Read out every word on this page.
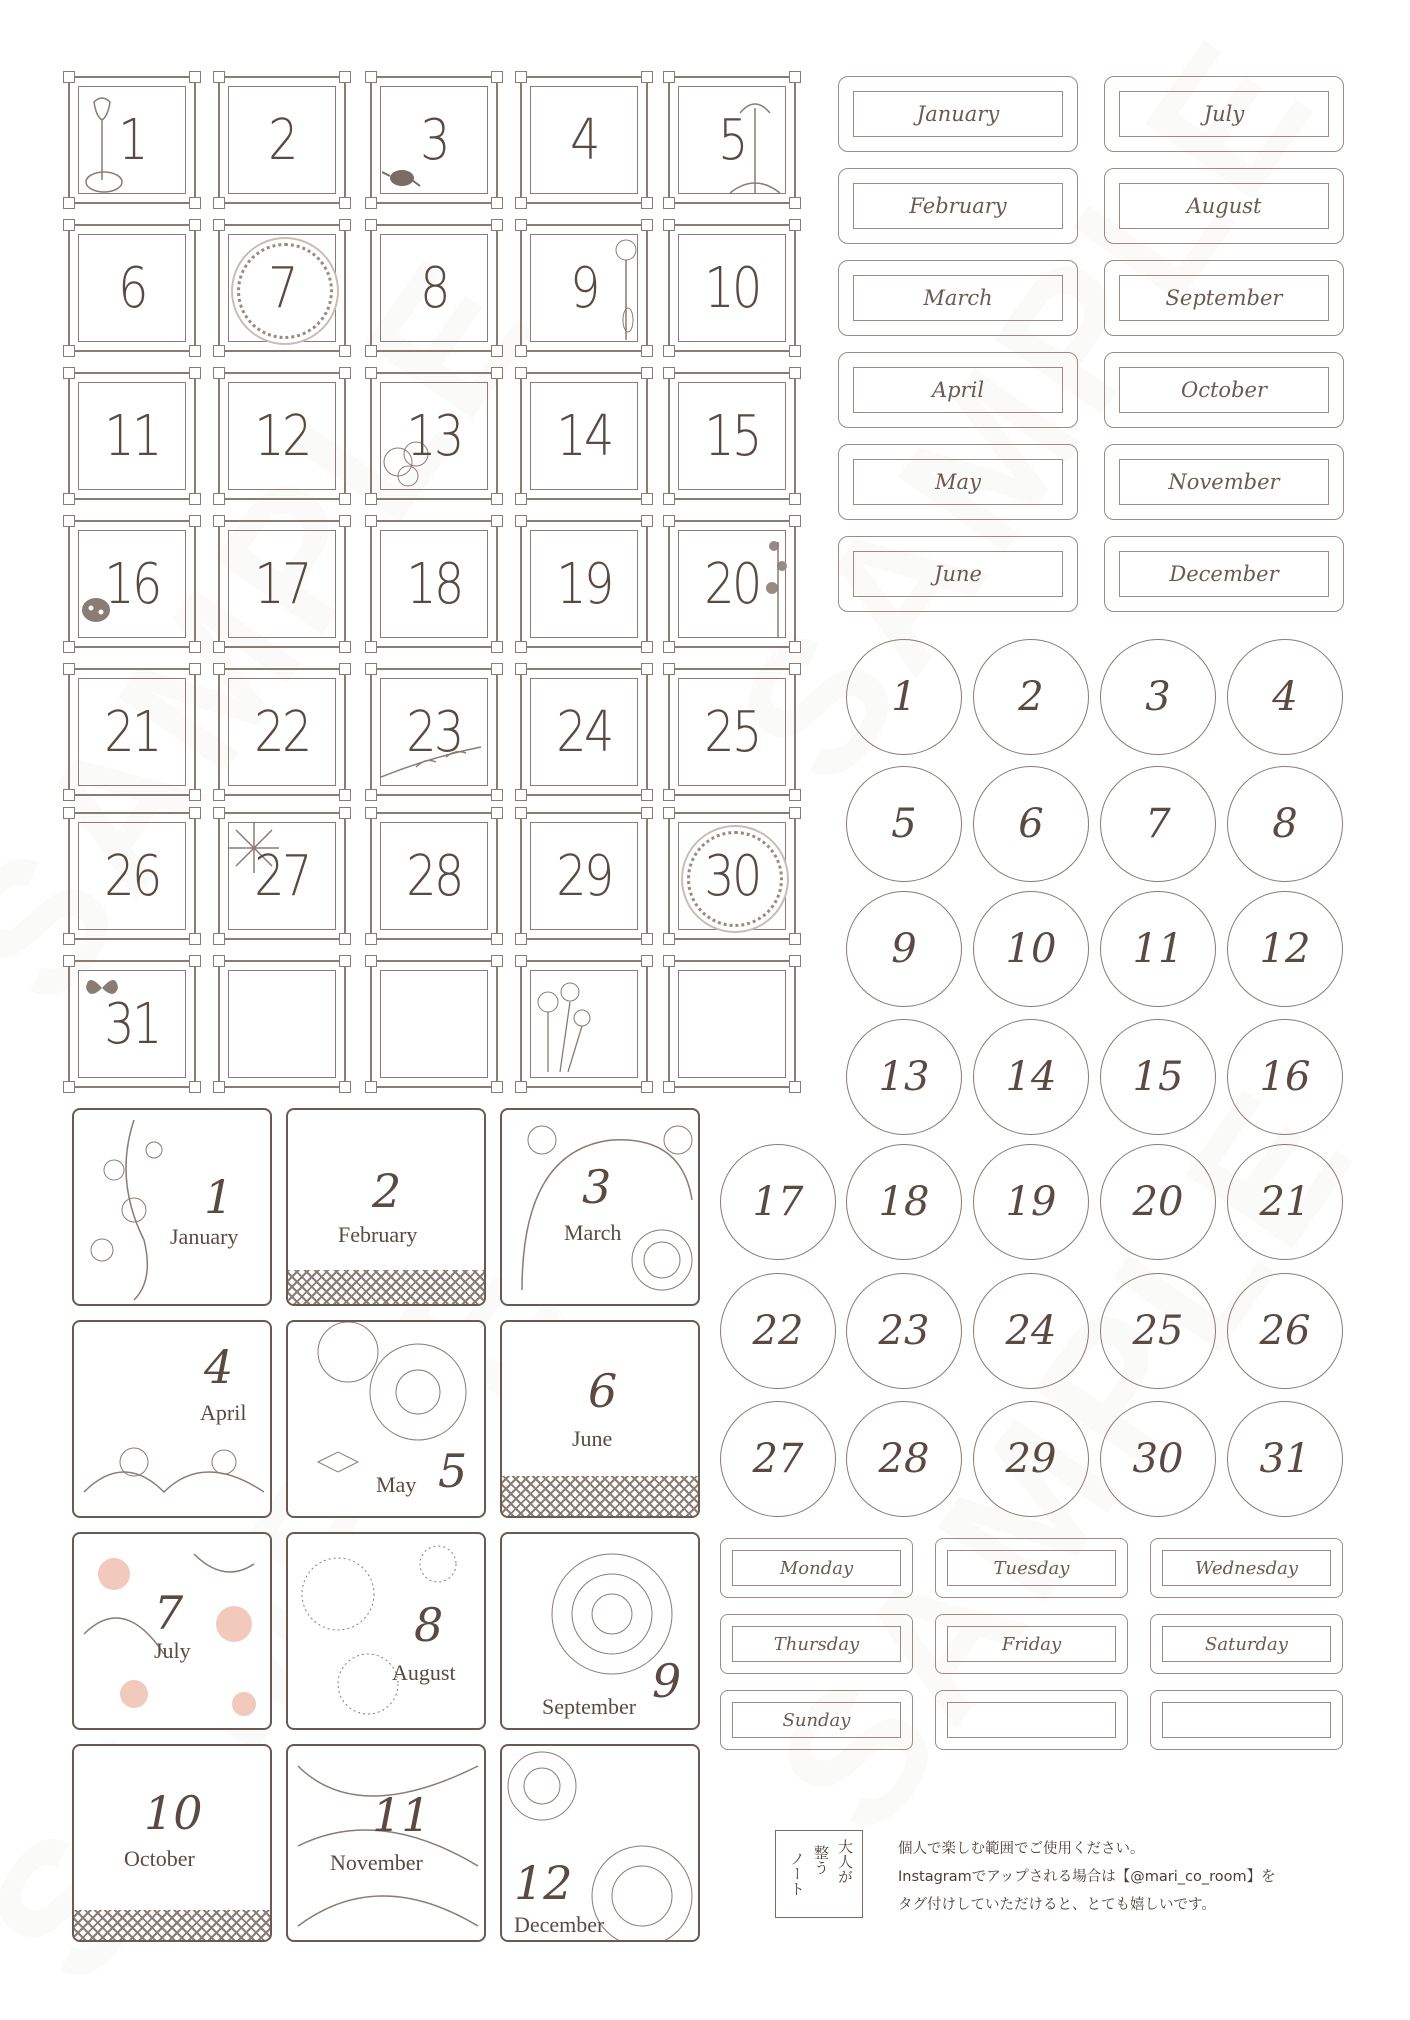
1	2	3	4	5
6	7	8	9	10
11	12	13	14	15
16	17	18	19	20
21	22	23	24	25
26	27	28	29	30
31
January	July
February	August
March	September
April	October
May	November
June	December
1	2	3	4
5	6	7	8
9	10	11	12
13	14	15	16
17	18	19	20	21
22	23	24	25	26
27	28	29	30	31
Monday	Tuesday	Wednesday
Thursday	Friday	Saturday
Sunday
1
January
2
February
3
March
4
April
5
May
6
June
7
July	8
August	9
September
10
October
11
November 12
December
大人が
整う
ノート
個人で楽しむ範囲でご使用ください。
Instagramでアップされる場合は【@mari_co_room】を
タグ付けしていただけると、とても嬉しいです。
